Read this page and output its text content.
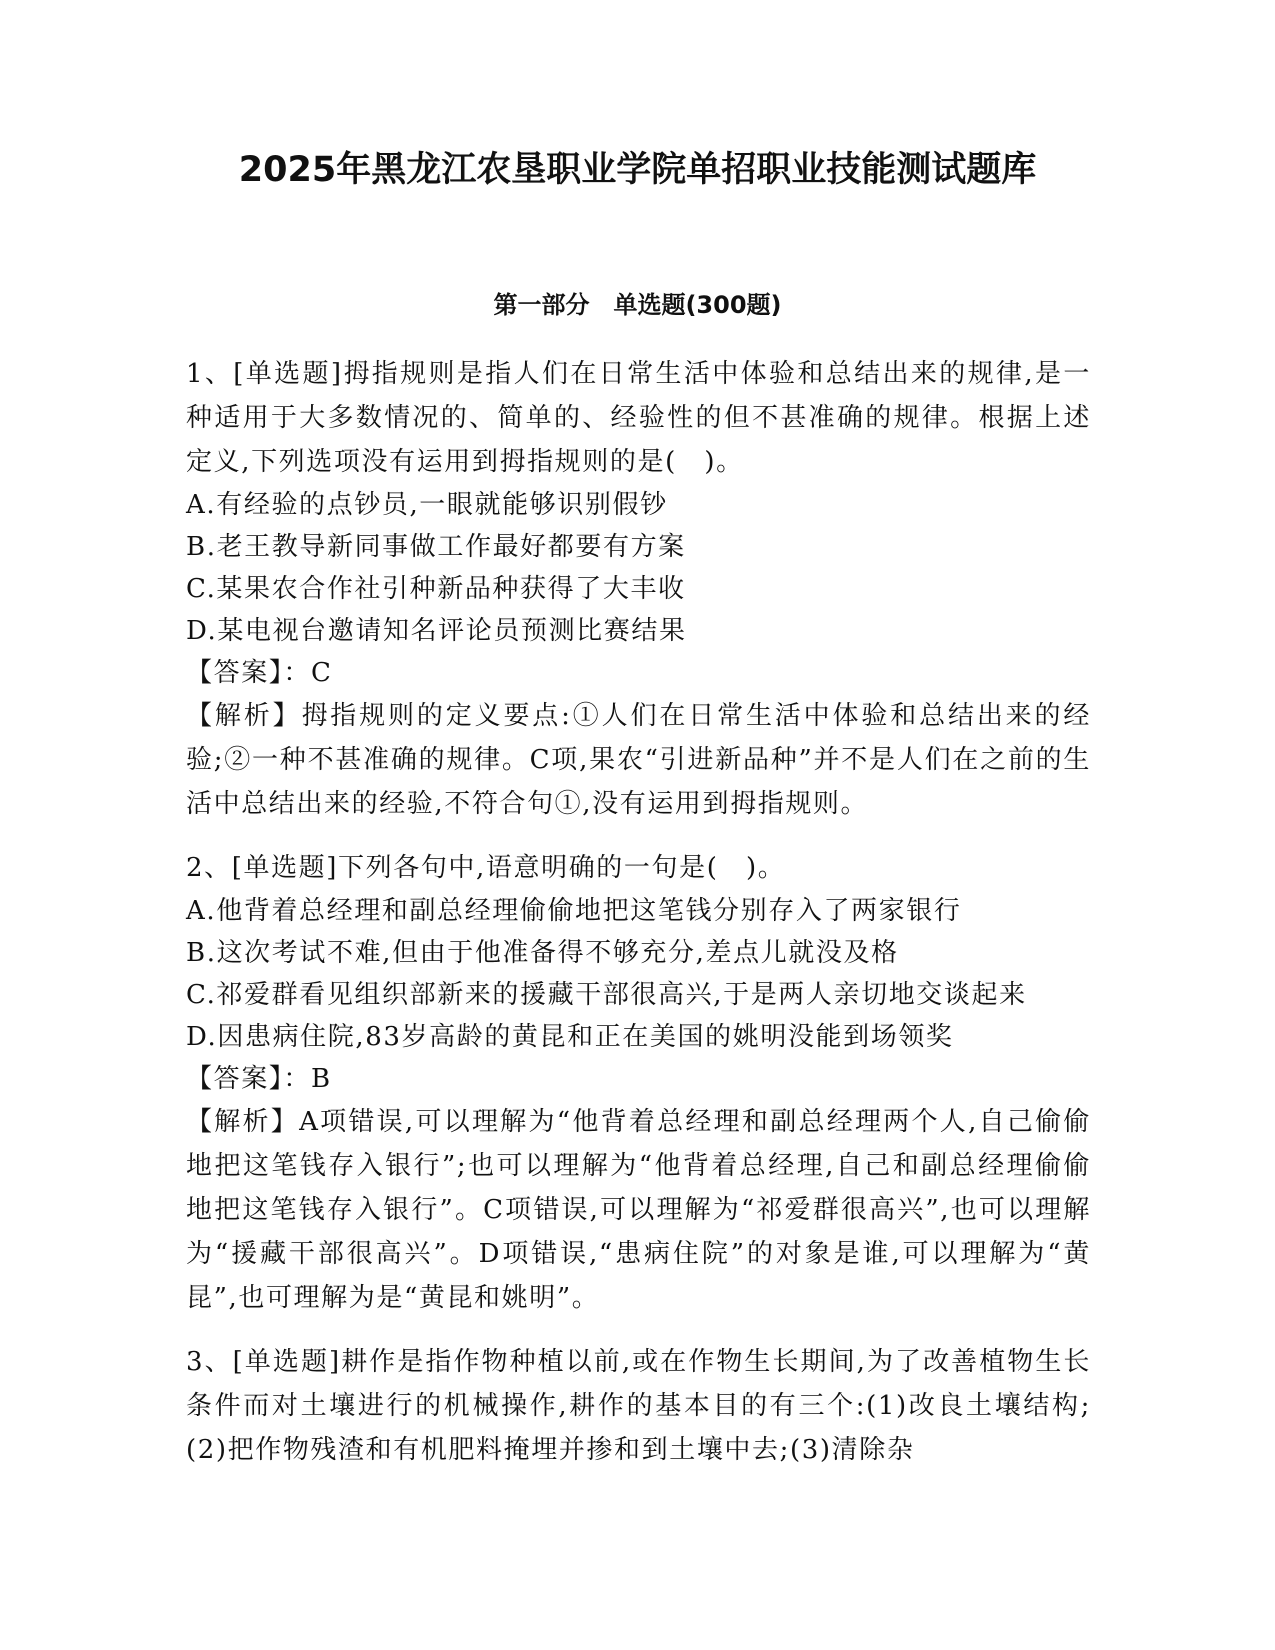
2025年黑龙江农垦职业学院单招职业技能测试题库
第一部分　单选题(300题)
1、[单选题]拇指规则是指人们在日常生活中体验和总结出来的规律,是一种适用于大多数情况的、简单的、经验性的但不甚准确的规律。根据上述定义,下列选项没有运用到拇指规则的是(　)。
A.有经验的点钞员,一眼就能够识别假钞
B.老王教导新同事做工作最好都要有方案
C.某果农合作社引种新品种获得了大丰收
D.某电视台邀请知名评论员预测比赛结果
【答案】：C
【解析】拇指规则的定义要点:①人们在日常生活中体验和总结出来的经验;②一种不甚准确的规律。C项,果农“引进新品种”并不是人们在之前的生活中总结出来的经验,不符合句①,没有运用到拇指规则。
2、[单选题]下列各句中,语意明确的一句是(　)。
A.他背着总经理和副总经理偷偷地把这笔钱分别存入了两家银行
B.这次考试不难,但由于他准备得不够充分,差点儿就没及格
C.祁爱群看见组织部新来的援藏干部很高兴,于是两人亲切地交谈起来
D.因患病住院,83岁高龄的黄昆和正在美国的姚明没能到场领奖
【答案】：B
【解析】A项错误,可以理解为“他背着总经理和副总经理两个人,自己偷偷地把这笔钱存入银行”;也可以理解为“他背着总经理,自己和副总经理偷偷地把这笔钱存入银行”。C项错误,可以理解为“祁爱群很高兴”,也可以理解为“援藏干部很高兴”。D项错误,“患病住院”的对象是谁,可以理解为“黄昆”,也可理解为是“黄昆和姚明”。
3、[单选题]耕作是指作物种植以前,或在作物生长期间,为了改善植物生长条件而对土壤进行的机械操作,耕作的基本目的有三个:(1)改良土壤结构;(2)把作物残渣和有机肥料掩埋并掺和到土壤中去;(3)清除杂
